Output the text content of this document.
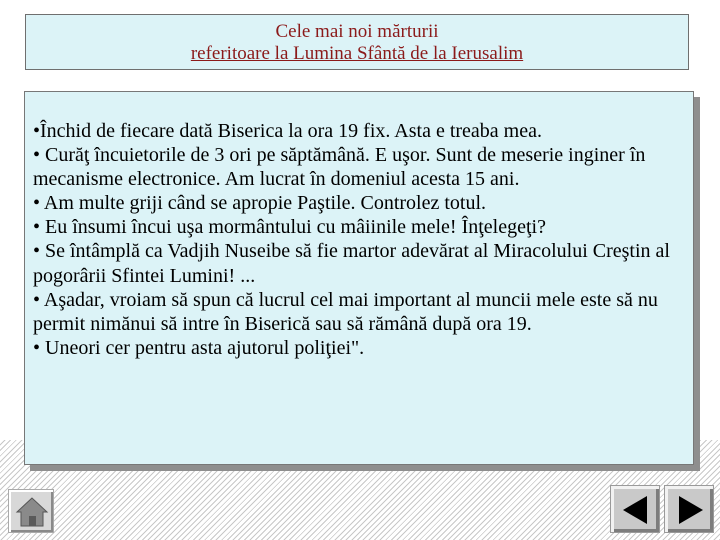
Cele mai noi mărturii
referitoare la Lumina Sfântă de la Ierusalim

•Închid de fiecare dată Biserica la ora 19 fix. Asta e treaba mea.

• Curăţ încuietorile de 3 ori pe săptămână. E uşor. Sunt de meserie inginer în mecanisme electronice. Am lucrat în domeniul acesta 15 ani.

• Am multe griji când se apropie Paştile. Controlez totul.

• Eu însumi încui uşa mormântului cu mâiinile mele! Înţelegeţi?

• Se întâmplă ca Vadjih Nuseibe să fie martor adevărat al Miracolului Creştin al pogorârii Sfintei Lumini! ...

• Aşadar, vroiam să spun că lucrul cel mai important al muncii mele este să nu permit nimănui să intre în Biserică sau să rămână după ora 19.

• Uneori cer pentru asta ajutorul poliţiei".
